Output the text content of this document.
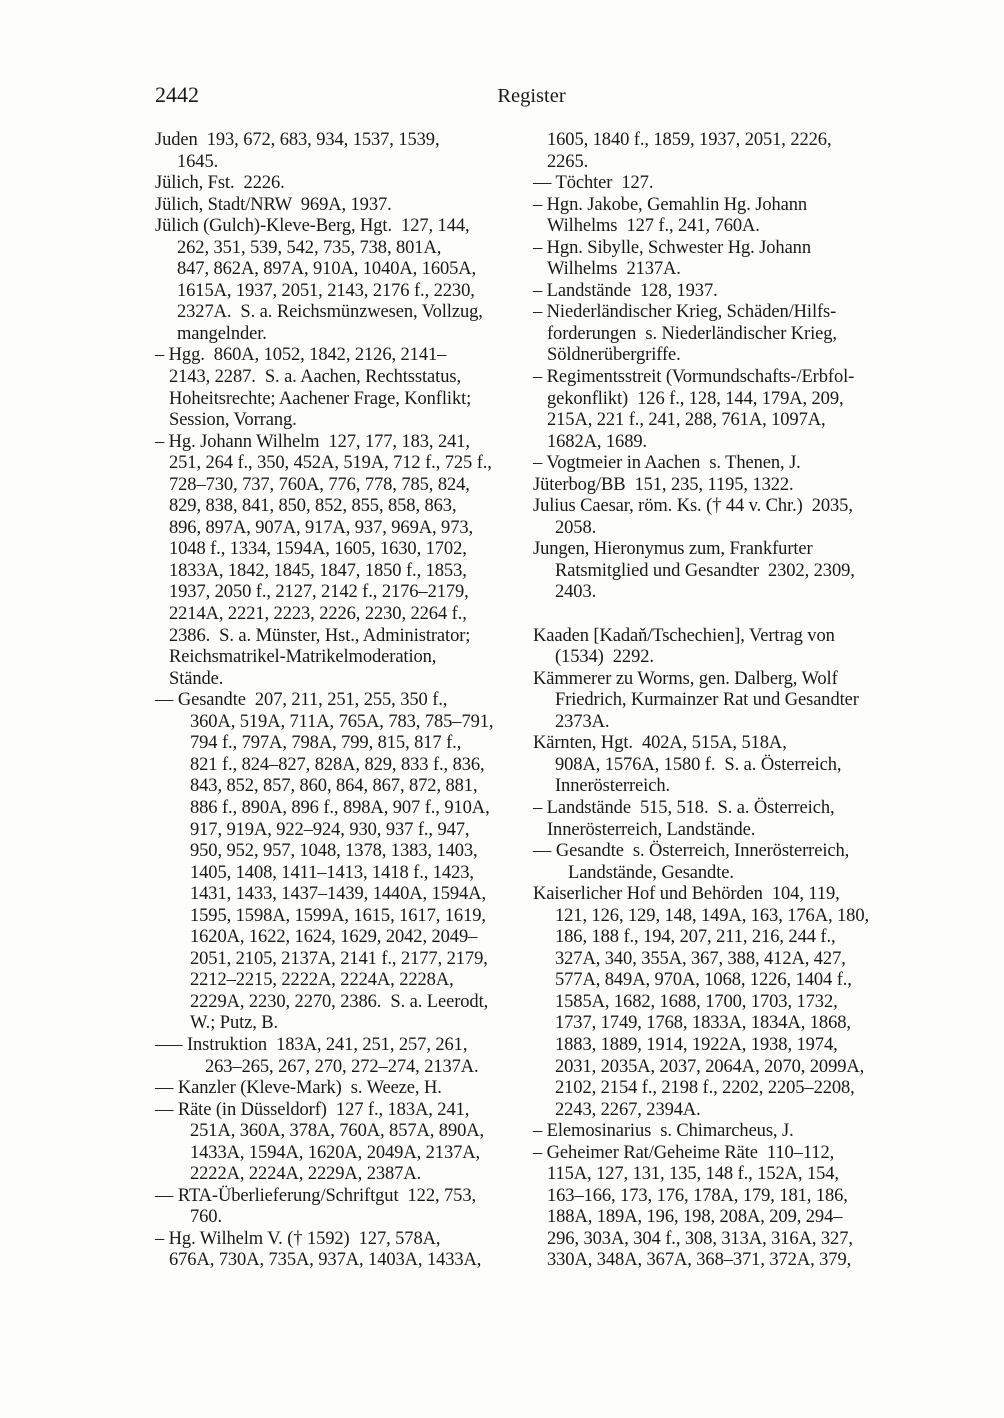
2442	Register
Juden  193, 672, 683, 934, 1537, 1539,
1645.
Jülich, Fst.  2226.
Jülich, Stadt/NRW  969A, 1937.
Jülich (Gulch)-Kleve-Berg, Hgt.  127, 144,
262, 351, 539, 542, 735, 738, 801A,
847, 862A, 897A, 910A, 1040A, 1605A,
1615A, 1937, 2051, 2143, 2176 f., 2230,
2327A.  S. a. Reichsmünzwesen, Vollzug,
mangelnder.
– Hgg.  860A, 1052, 1842, 2126, 2141–
2143, 2287.  S. a. Aachen, Rechtsstatus,
Hoheitsrechte; Aachener Frage, Konflikt;
Session, Vorrang.
– Hg. Johann Wilhelm  127, 177, 183, 241,
251, 264 f., 350, 452A, 519A, 712 f., 725 f.,
728–730, 737, 760A, 776, 778, 785, 824,
829, 838, 841, 850, 852, 855, 858, 863,
896, 897A, 907A, 917A, 937, 969A, 973,
1048 f., 1334, 1594A, 1605, 1630, 1702,
1833A, 1842, 1845, 1847, 1850 f., 1853,
1937, 2050 f., 2127, 2142 f., 2176–2179,
2214A, 2221, 2223, 2226, 2230, 2264 f.,
2386.  S. a. Münster, Hst., Administrator;
Reichsmatrikel-Matrikelmoderation,
Stände.
–– Gesandte  207, 211, 251, 255, 350 f.,
360A, 519A, 711A, 765A, 783, 785–791,
794 f., 797A, 798A, 799, 815, 817 f.,
821 f., 824–827, 828A, 829, 833 f., 836,
843, 852, 857, 860, 864, 867, 872, 881,
886 f., 890A, 896 f., 898A, 907 f., 910A,
917, 919A, 922–924, 930, 937 f., 947,
950, 952, 957, 1048, 1378, 1383, 1403,
1405, 1408, 1411–1413, 1418 f., 1423,
1431, 1433, 1437–1439, 1440A, 1594A,
1595, 1598A, 1599A, 1615, 1617, 1619,
1620A, 1622, 1624, 1629, 2042, 2049–
2051, 2105, 2137A, 2141 f., 2177, 2179,
2212–2215, 2222A, 2224A, 2228A,
2229A, 2230, 2270, 2386.  S. a. Leerodt,
W.; Putz, B.
––– Instruktion  183A, 241, 251, 257, 261,
263–265, 267, 270, 272–274, 2137A.
–– Kanzler (Kleve-Mark)  s. Weeze, H.
–– Räte (in Düsseldorf)  127 f., 183A, 241,
251A, 360A, 378A, 760A, 857A, 890A,
1433A, 1594A, 1620A, 2049A, 2137A,
2222A, 2224A, 2229A, 2387A.
–– RTA-Überlieferung/Schriftgut  122, 753,
760.
– Hg. Wilhelm V. († 1592)  127, 578A,
676A, 730A, 735A, 937A, 1403A, 1433A,
1605, 1840 f., 1859, 1937, 2051, 2226,
2265.
–– Töchter  127.
– Hgn. Jakobe, Gemahlin Hg. Johann
Wilhelms  127 f., 241, 760A.
– Hgn. Sibylle, Schwester Hg. Johann
Wilhelms  2137A.
– Landstände  128, 1937.
– Niederländischer Krieg, Schäden/Hilfs-
forderungen  s. Niederländischer Krieg,
Söldnerübergriffe.
– Regimentsstreit (Vormundschafts-/Erbfol-
gekonflikt)  126 f., 128, 144, 179A, 209,
215A, 221 f., 241, 288, 761A, 1097A,
1682A, 1689.
– Vogtmeier in Aachen  s. Thenen, J.
Jüterbog/BB  151, 235, 1195, 1322.
Julius Caesar, röm. Ks. († 44 v. Chr.)  2035,
2058.
Jungen, Hieronymus zum, Frankfurter
Ratsmitglied und Gesandter  2302, 2309,
2403.
Kaaden [Kadaň/Tschechien], Vertrag von
(1534)  2292.
Kämmerer zu Worms, gen. Dalberg, Wolf
Friedrich, Kurmainzer Rat und Gesandter
2373A.
Kärnten, Hgt.  402A, 515A, 518A,
908A, 1576A, 1580 f.  S. a. Österreich,
Innerösterreich.
– Landstände  515, 518.  S. a. Österreich,
Innerösterreich, Landstände.
–– Gesandte  s. Österreich, Innerösterreich,
Landstände, Gesandte.
Kaiserlicher Hof und Behörden  104, 119,
121, 126, 129, 148, 149A, 163, 176A, 180,
186, 188 f., 194, 207, 211, 216, 244 f.,
327A, 340, 355A, 367, 388, 412A, 427,
577A, 849A, 970A, 1068, 1226, 1404 f.,
1585A, 1682, 1688, 1700, 1703, 1732,
1737, 1749, 1768, 1833A, 1834A, 1868,
1883, 1889, 1914, 1922A, 1938, 1974,
2031, 2035A, 2037, 2064A, 2070, 2099A,
2102, 2154 f., 2198 f., 2202, 2205–2208,
2243, 2267, 2394A.
– Elemosinarius  s. Chimarcheus, J.
– Geheimer Rat/Geheime Räte  110–112,
115A, 127, 131, 135, 148 f., 152A, 154,
163–166, 173, 176, 178A, 179, 181, 186,
188A, 189A, 196, 198, 208A, 209, 294–
296, 303A, 304 f., 308, 313A, 316A, 327,
330A, 348A, 367A, 368–371, 372A, 379,
